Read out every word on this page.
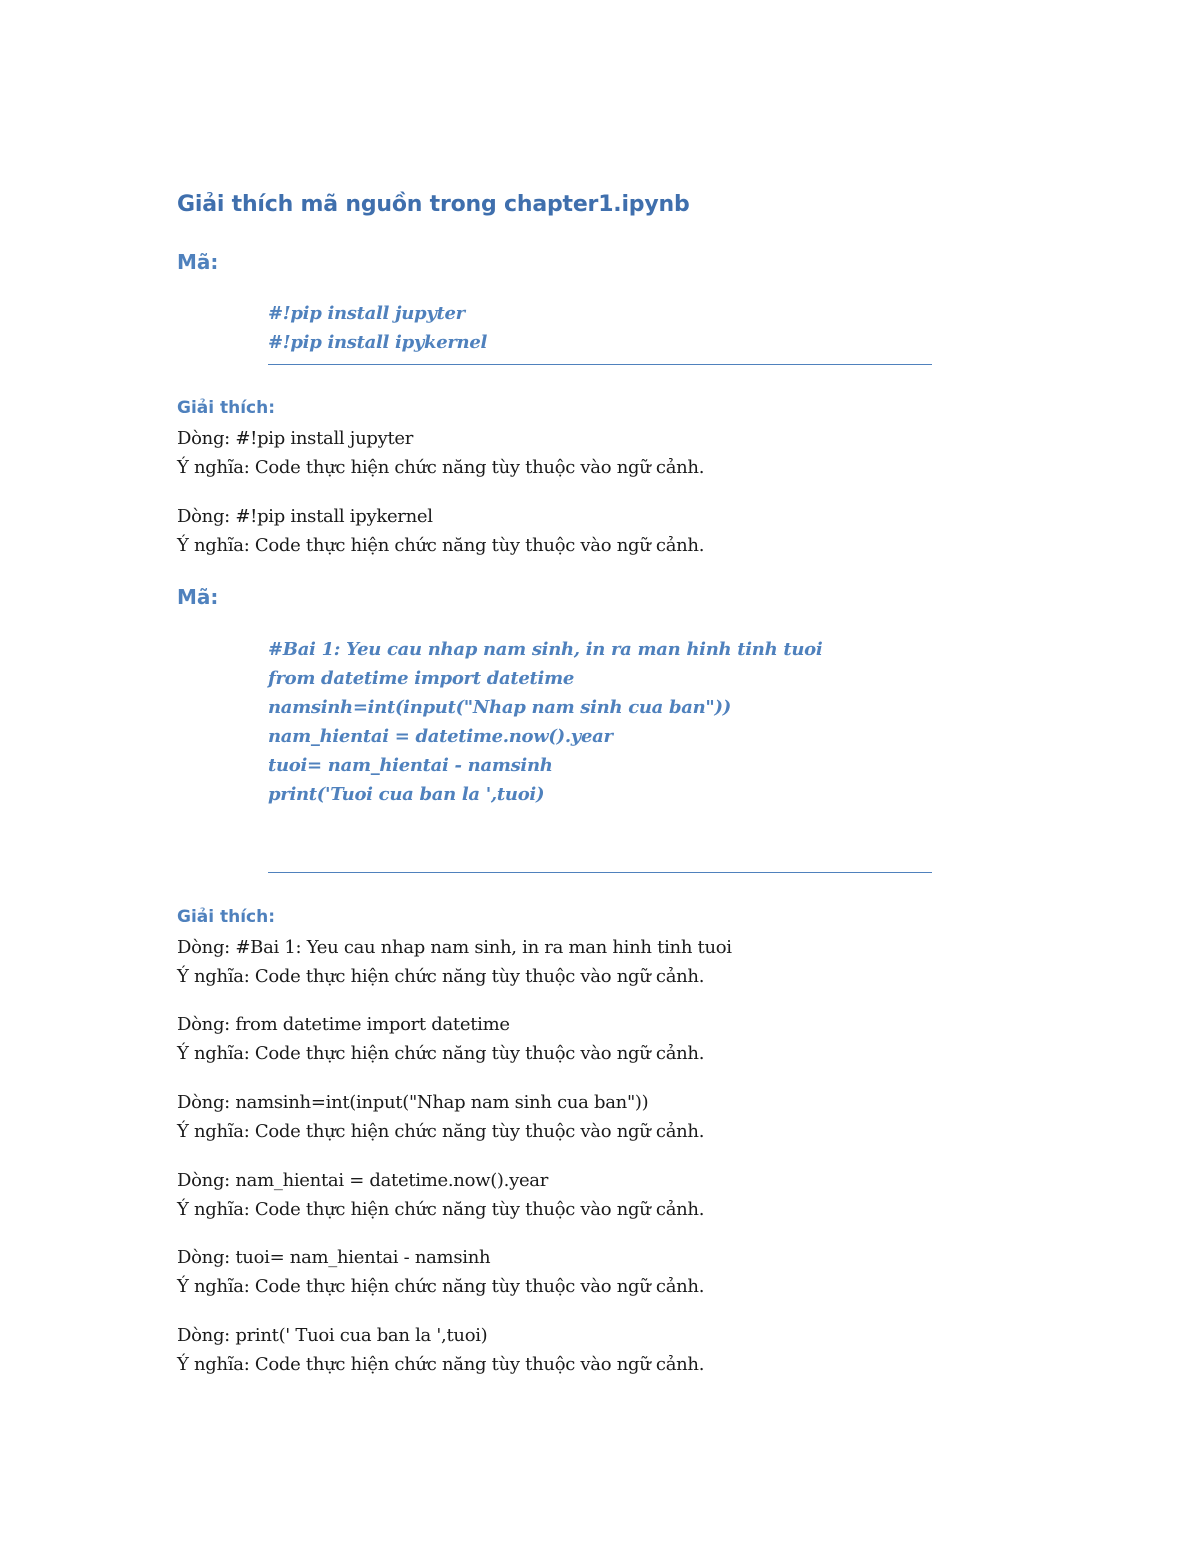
Giải thích mã nguồn trong chapter1.ipynb
Mã:
#!pip install jupyter
#!pip install ipykernel
Giải thích:
Dòng: #!pip install jupyter
Ý nghĩa: Code thực hiện chức năng tùy thuộc vào ngữ cảnh.
Dòng: #!pip install ipykernel
Ý nghĩa: Code thực hiện chức năng tùy thuộc vào ngữ cảnh.
Mã:
#Bai 1: Yeu cau nhap nam sinh, in ra man hinh tinh tuoi
from datetime import datetime
namsinh=int(input("Nhap nam sinh cua ban"))
nam_hientai = datetime.now().year
tuoi= nam_hientai - namsinh
print('Tuoi cua ban la ',tuoi)
Giải thích:
Dòng: #Bai 1: Yeu cau nhap nam sinh, in ra man hinh tinh tuoi
Ý nghĩa: Code thực hiện chức năng tùy thuộc vào ngữ cảnh.
Dòng: from datetime import datetime
Ý nghĩa: Code thực hiện chức năng tùy thuộc vào ngữ cảnh.
Dòng: namsinh=int(input("Nhap nam sinh cua ban"))
Ý nghĩa: Code thực hiện chức năng tùy thuộc vào ngữ cảnh.
Dòng: nam_hientai = datetime.now().year
Ý nghĩa: Code thực hiện chức năng tùy thuộc vào ngữ cảnh.
Dòng: tuoi= nam_hientai - namsinh
Ý nghĩa: Code thực hiện chức năng tùy thuộc vào ngữ cảnh.
Dòng: print(' Tuoi cua ban la ',tuoi)
Ý nghĩa: Code thực hiện chức năng tùy thuộc vào ngữ cảnh.
